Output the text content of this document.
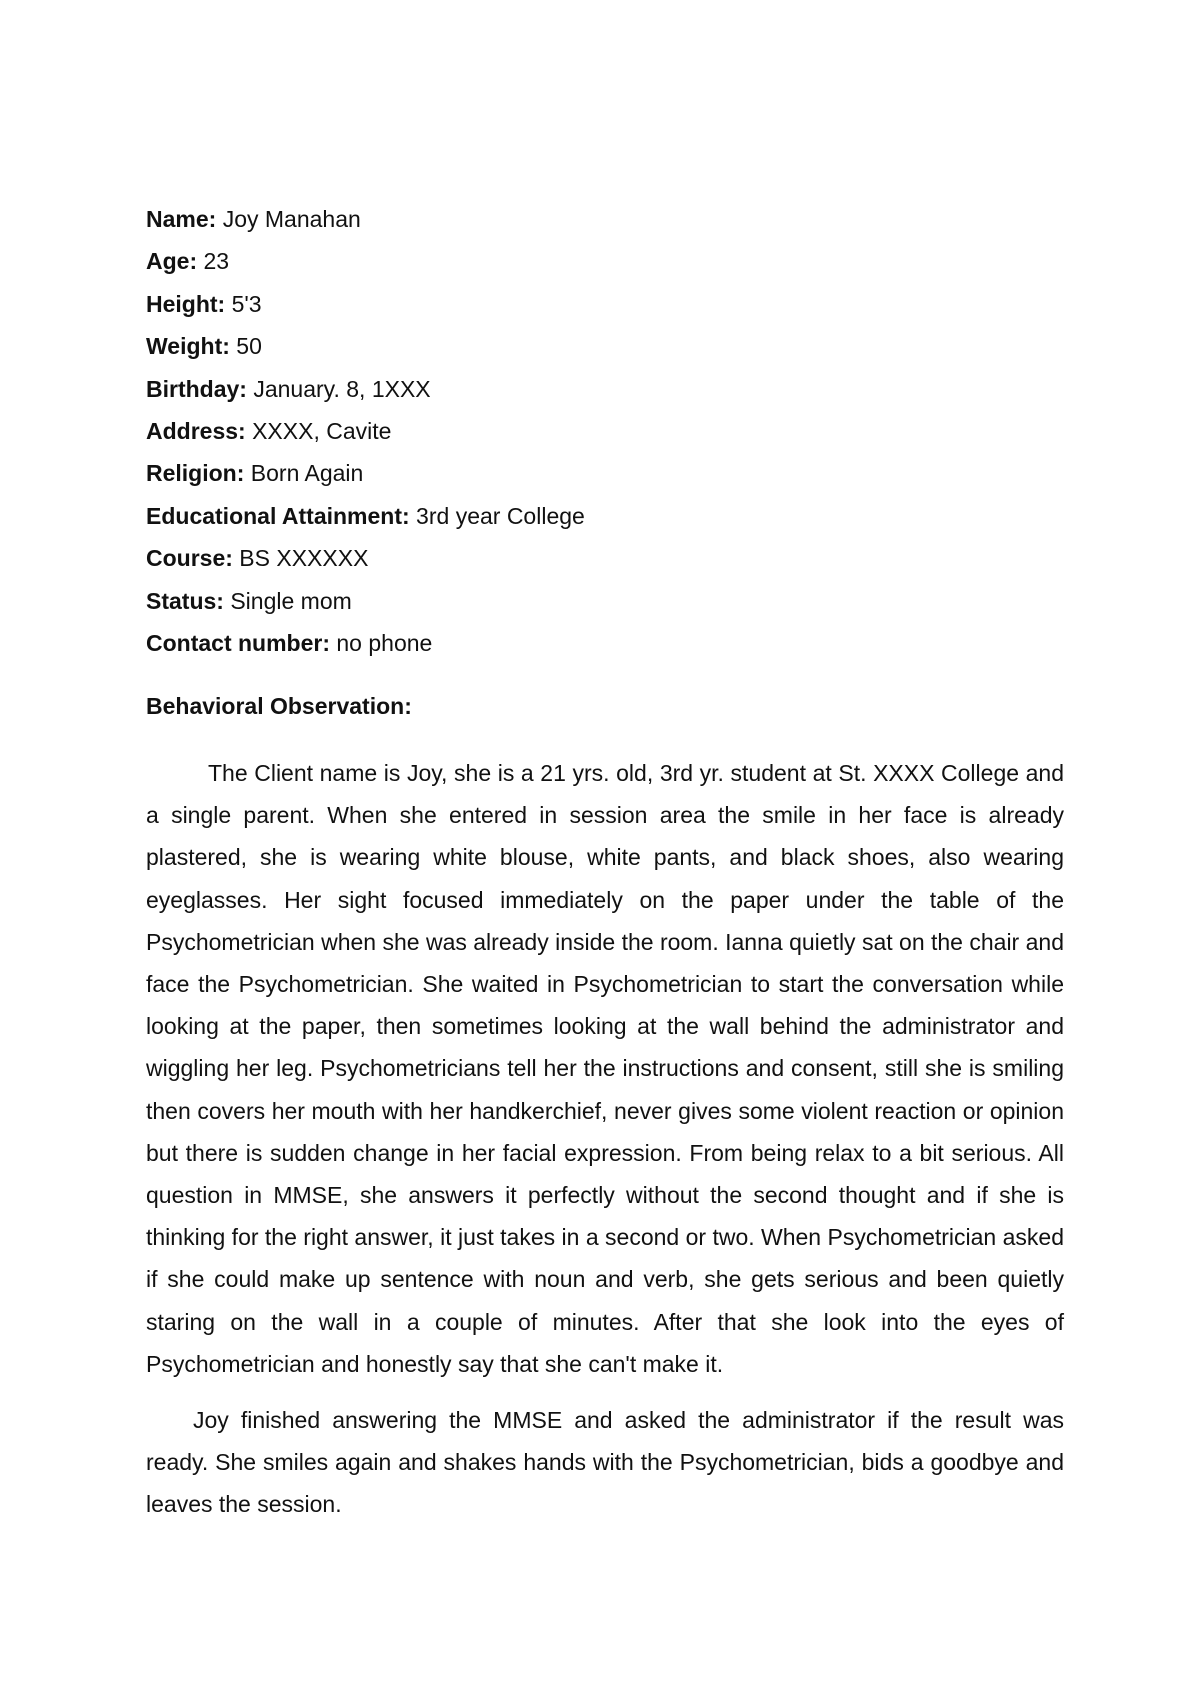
Name: Joy Manahan
Age: 23
Height: 5'3
Weight: 50
Birthday: January. 8, 1XXX
Address: XXXX, Cavite
Religion: Born Again
Educational Attainment: 3rd year College
Course: BS XXXXXX
Status: Single mom
Contact number: no phone
Behavioral Observation:

The Client name is Joy, she is a 21 yrs. old, 3rd yr. student at St. XXXX College and a single parent. When she entered in session area the smile in her face is already plastered, she is wearing white blouse, white pants, and black shoes, also wearing eyeglasses. Her sight focused immediately on the paper under the table of the Psychometrician when she was already inside the room. Ianna quietly sat on the chair and face the Psychometrician. She waited in Psychometrician to start the conversation while looking at the paper, then sometimes looking at the wall behind the administrator and wiggling her leg. Psychometricians tell her the instructions and consent, still she is smiling then covers her mouth with her handkerchief, never gives some violent reaction or opinion but there is sudden change in her facial expression. From being relax to a bit serious. All question in MMSE, she answers it perfectly without the second thought and if she is thinking for the right answer, it just takes in a second or two. When Psychometrician asked if she could make up sentence with noun and verb, she gets serious and been quietly staring on the wall in a couple of minutes. After that she look into the eyes of Psychometrician and honestly say that she can't make it.

Joy finished answering the MMSE and asked the administrator if the result was ready. She smiles again and shakes hands with the Psychometrician, bids a goodbye and leaves the session.
